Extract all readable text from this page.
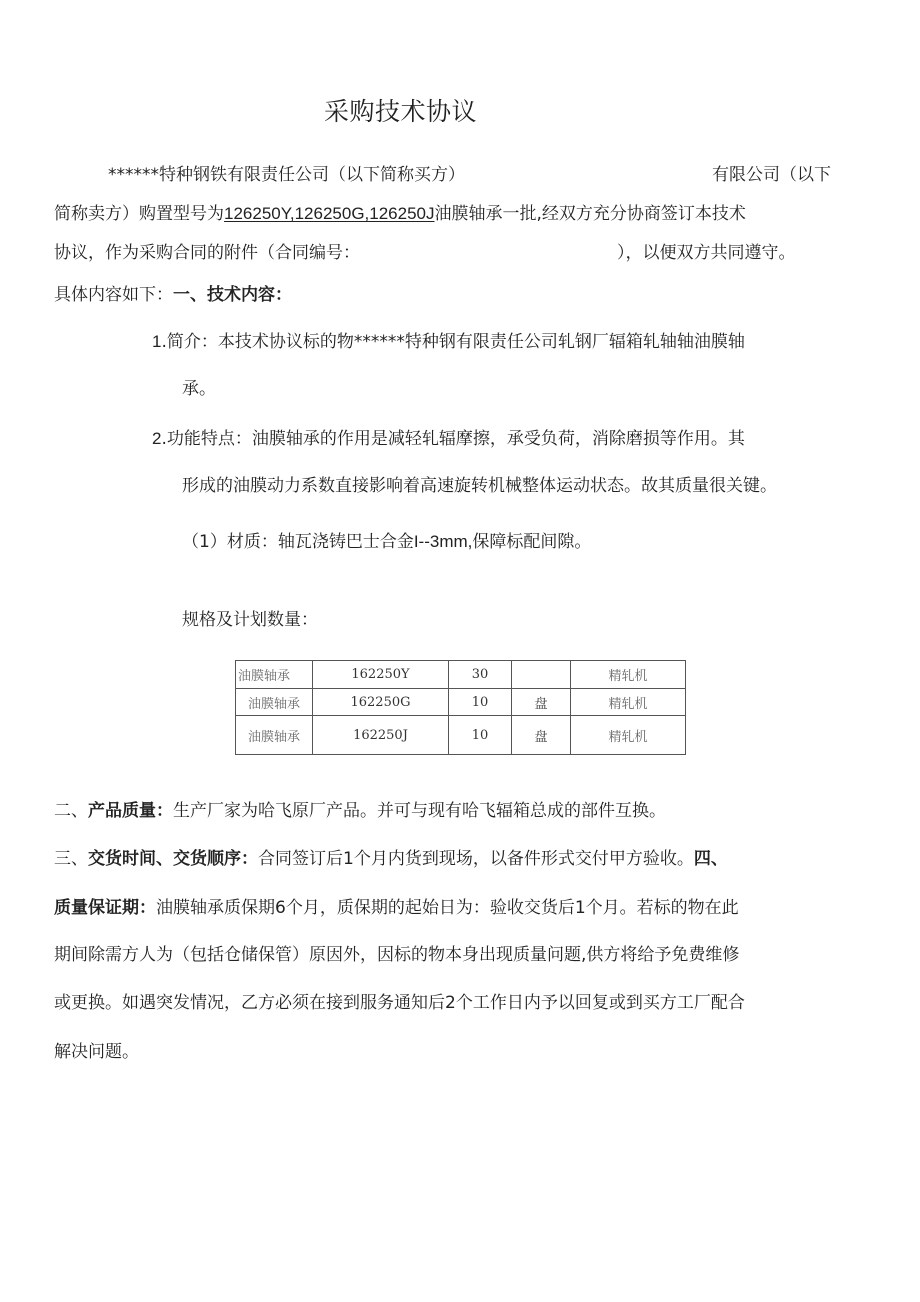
采购技术协议
******特种钢铁有限责任公司（以下简称买方）	有限公司（以下
简称卖方）购置型号为126250Y,126250G,126250J油膜轴承一批,经双方充分协商签订本技术
协议，作为采购合同的附件（合同编号：	），以便双方共同遵守。
具体内容如下：一、技术内容：
1.简介：本技术协议标的物******特种钢有限责任公司轧钢厂辐箱轧轴轴油膜轴
承。
2.功能特点：油膜轴承的作用是减轻轧辐摩擦，承受负荷，消除磨损等作用。其
形成的油膜动力系数直接影响着高速旋转机械整体运动状态。故其质量很关键。
（1）材质：轴瓦浇铸巴士合金I--3mm,保障标配间隙。
规格及计划数量：
油膜轴承	162250Y	30		精轧机
油膜轴承	162250G	10	盘	精轧机
油膜轴承	162250J	10	盘	精轧机
二、产品质量：生产厂家为哈飞原厂产品。并可与现有哈飞辐箱总成的部件互换。
三、交货时间、交货顺序：合同签订后1个月内货到现场，以备件形式交付甲方验收。四、
质量保证期：油膜轴承质保期6个月，质保期的起始日为：验收交货后1个月。若标的物在此
期间除需方人为（包括仓储保管）原因外，因标的物本身出现质量问题,供方将给予免费维修
或更换。如遇突发情况，乙方必须在接到服务通知后2个工作日内予以回复或到买方工厂配合
解决问题。
